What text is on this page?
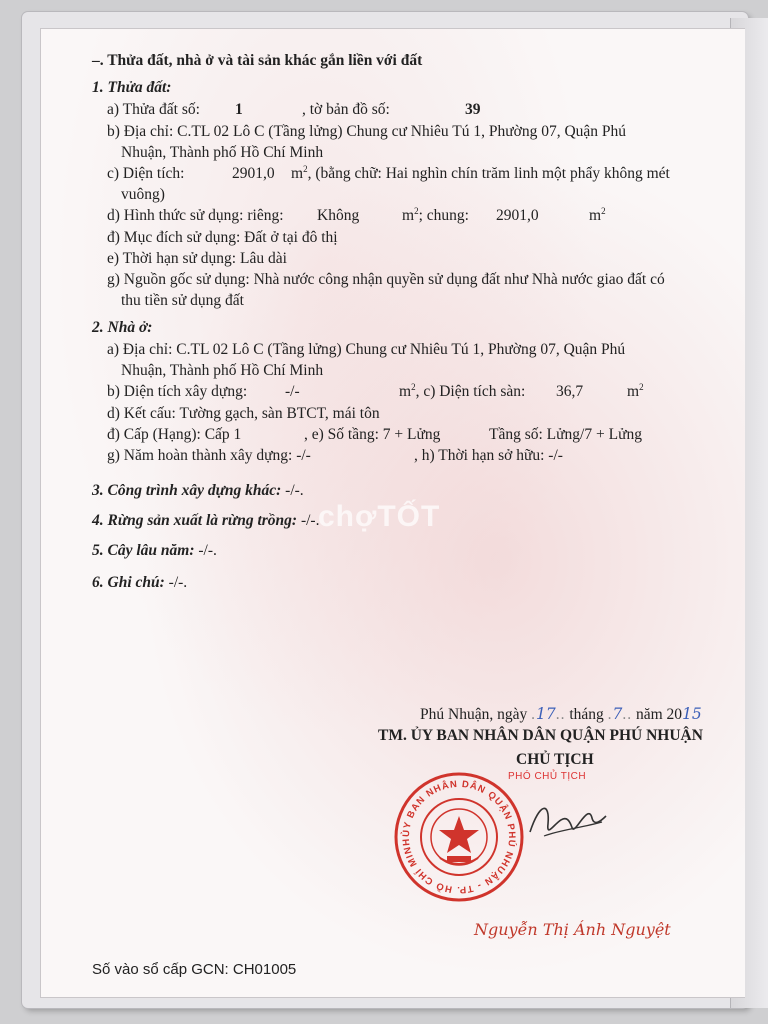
–. Thửa đất, nhà ở và tài sản khác gắn liền với đất
1. Thửa đất:
a) Thửa đất số: 1	, tờ bản đồ số:	39
b) Địa chỉ: C.TL 02 Lô C (Tầng lửng) Chung cư Nhiêu Tú 1, Phường 07, Quận Phú
Nhuận, Thành phố Hồ Chí Minh
c) Diện tích:	2901,0 $m^2$, (bằng chữ: Hai nghìn chín trăm linh một phẩy không mét
vuông)
d) Hình thức sử dụng: riêng: Không	$m^2$; chung: 2901,0	$m^2$
đ) Mục đích sử dụng: Đất ở tại đô thị
e) Thời hạn sử dụng: Lâu dài
g) Nguồn gốc sử dụng: Nhà nước công nhận quyền sử dụng đất như Nhà nước giao đất có
thu tiền sử dụng đất
2. Nhà ở:
a) Địa chỉ: C.TL 02 Lô C (Tầng lửng) Chung cư Nhiêu Tú 1, Phường 07, Quận Phú
Nhuận, Thành phố Hồ Chí Minh
b) Diện tích xây dựng: -/-	$m^2$, c) Diện tích sàn: 36,7	$m^2$
d) Kết cấu: Tường gạch, sàn BTCT, mái tôn
đ) Cấp (Hạng): Cấp 1	, e) Số tầng: 7 + Lửng	Tầng số: Lửng/7 + Lửng
g) Năm hoàn thành xây dựng: -/-	, h) Thời hạn sở hữu: -/-
3. Công trình xây dựng khác: -/-.
4. Rừng sản xuất là rừng trồng: -/-.
5. Cây lâu năm: -/-.
6. Ghi chú: -/-.
chợTỐT
Phú Nhuận, ngày .17.. tháng .7.. năm 2015
TM. ỦY BAN NHÂN DÂN QUẬN PHÚ NHUẬN
CHỦ TỊCH
PHÓ CHỦ TỊCH
ỦY BAN NHÂN DÂN QUẬN PHÚ NHUẬN - TP. HỒ CHÍ MINH
Nguyễn Thị Ánh Nguyệt
Số vào sổ cấp GCN: CH01005
